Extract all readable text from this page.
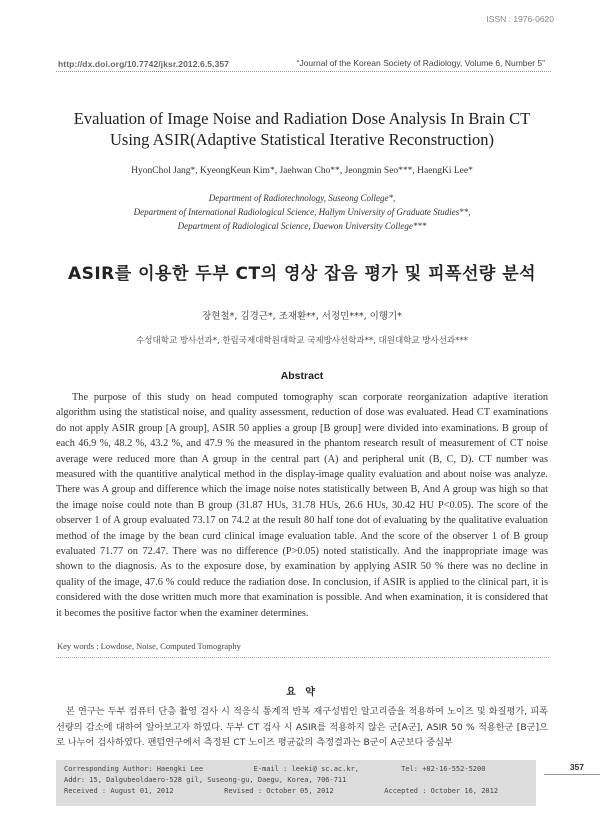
ISSN : 1976-0620
http://dx.doi.org/10.7742/jksr.2012.6.5.357	“Journal of the Korean Society of Radiology, Volume 6, Number 5”
Evaluation of Image Noise and Radiation Dose Analysis In Brain CT Using ASIR(Adaptive Statistical Iterative Reconstruction)
HyonChol Jang*, KyeongKeun Kim*, Jaehwan Cho**, Jeongmin Seo***, HaengKi Lee*
Department of Radiotechnology, Suseong College*,
Department of International Radiological Science, Hallym University of Graduate Studies**,
Department of Radiological Science, Daewon University College***
ASIR를 이용한 두부 CT의 영상 잡음 평가 및 피폭선량 분석
장현철*, 김경근*, 조재환**, 서정민***, 이행기*
수성대학교 방사선과*, 한림국제대학원대학교 국제방사선학과**, 대원대학교 방사선과***
Abstract

The purpose of this study on head computed tomography scan corporate reorganization adaptive iteration algorithm using the statistical noise, and quality assessment, reduction of dose was evaluated. Head CT examinations do not apply ASIR group [A group], ASIR 50 applies a group [B group] were divided into examinations. B group of each 46.9 %, 48.2 %, 43.2 %, and 47.9 % the measured in the phantom research result of measurement of CT noise average were reduced more than A group in the central part (A) and peripheral unit (B, C, D). CT number was measured with the quantitive analytical method in the display-image quality evaluation and about noise was analyze. There was A group and difference which the image noise notes statistically between B, And A group was high so that the image noise could note than B group (31.87 HUs, 31.78 HUs, 26.6 HUs, 30.42 HU P<0.05). The score of the observer 1 of A group evaluated 73.17 on 74.2 at the result 80 half tone dot of evaluating by the qualitative evaluation method of the image by the bean curd clinical image evaluation table. And the score of the observer 1 of B group evaluated 71.77 on 72.47. There was no difference (P>0.05) noted statistically. And the inappropriate image was shown to the diagnosis. As to the exposure dose, by examination by applying ASIR 50 % there was no decline in quality of the image, 47.6 % could reduce the radiation dose. In conclusion, if ASIR is applied to the clinical part, it is considered with the dose written much more that examination is possible. And when examination, it is considered that it becomes the positive factor when the examiner determines.

Key words : Lowdose, Noise, Computed Tomography
요 약

본 연구는 두부 컴퓨터 단층 촬영 검사 시 적응식 통계적 반복 재구성법인 알고리즘을 적용하여 노이즈 및 화질평가, 피폭선량의 감소에 대하여 알아보고자 하였다. 두부 CT 검사 시 ASIR를 적용하지 않은 군[A군], ASIR 50 % 적용한군 [B군]으로 나누어 검사하였다. 팬텀연구에서 측정된 CT 노이즈 평균값의 측정결과는 B군이 A군보다 중심부

Corresponding Author: Haengki Lee            E-mail : leeki@ sc.ac.kr,          Tel: +82-16-552-5200
Addr: 15, Dalgubeoldaero-528 gil, Suseong-gu, Daegu, Korea, 706-711
Received : August 01, 2012            Revised : October 05, 2012            Accepted : October 16, 2012
357
